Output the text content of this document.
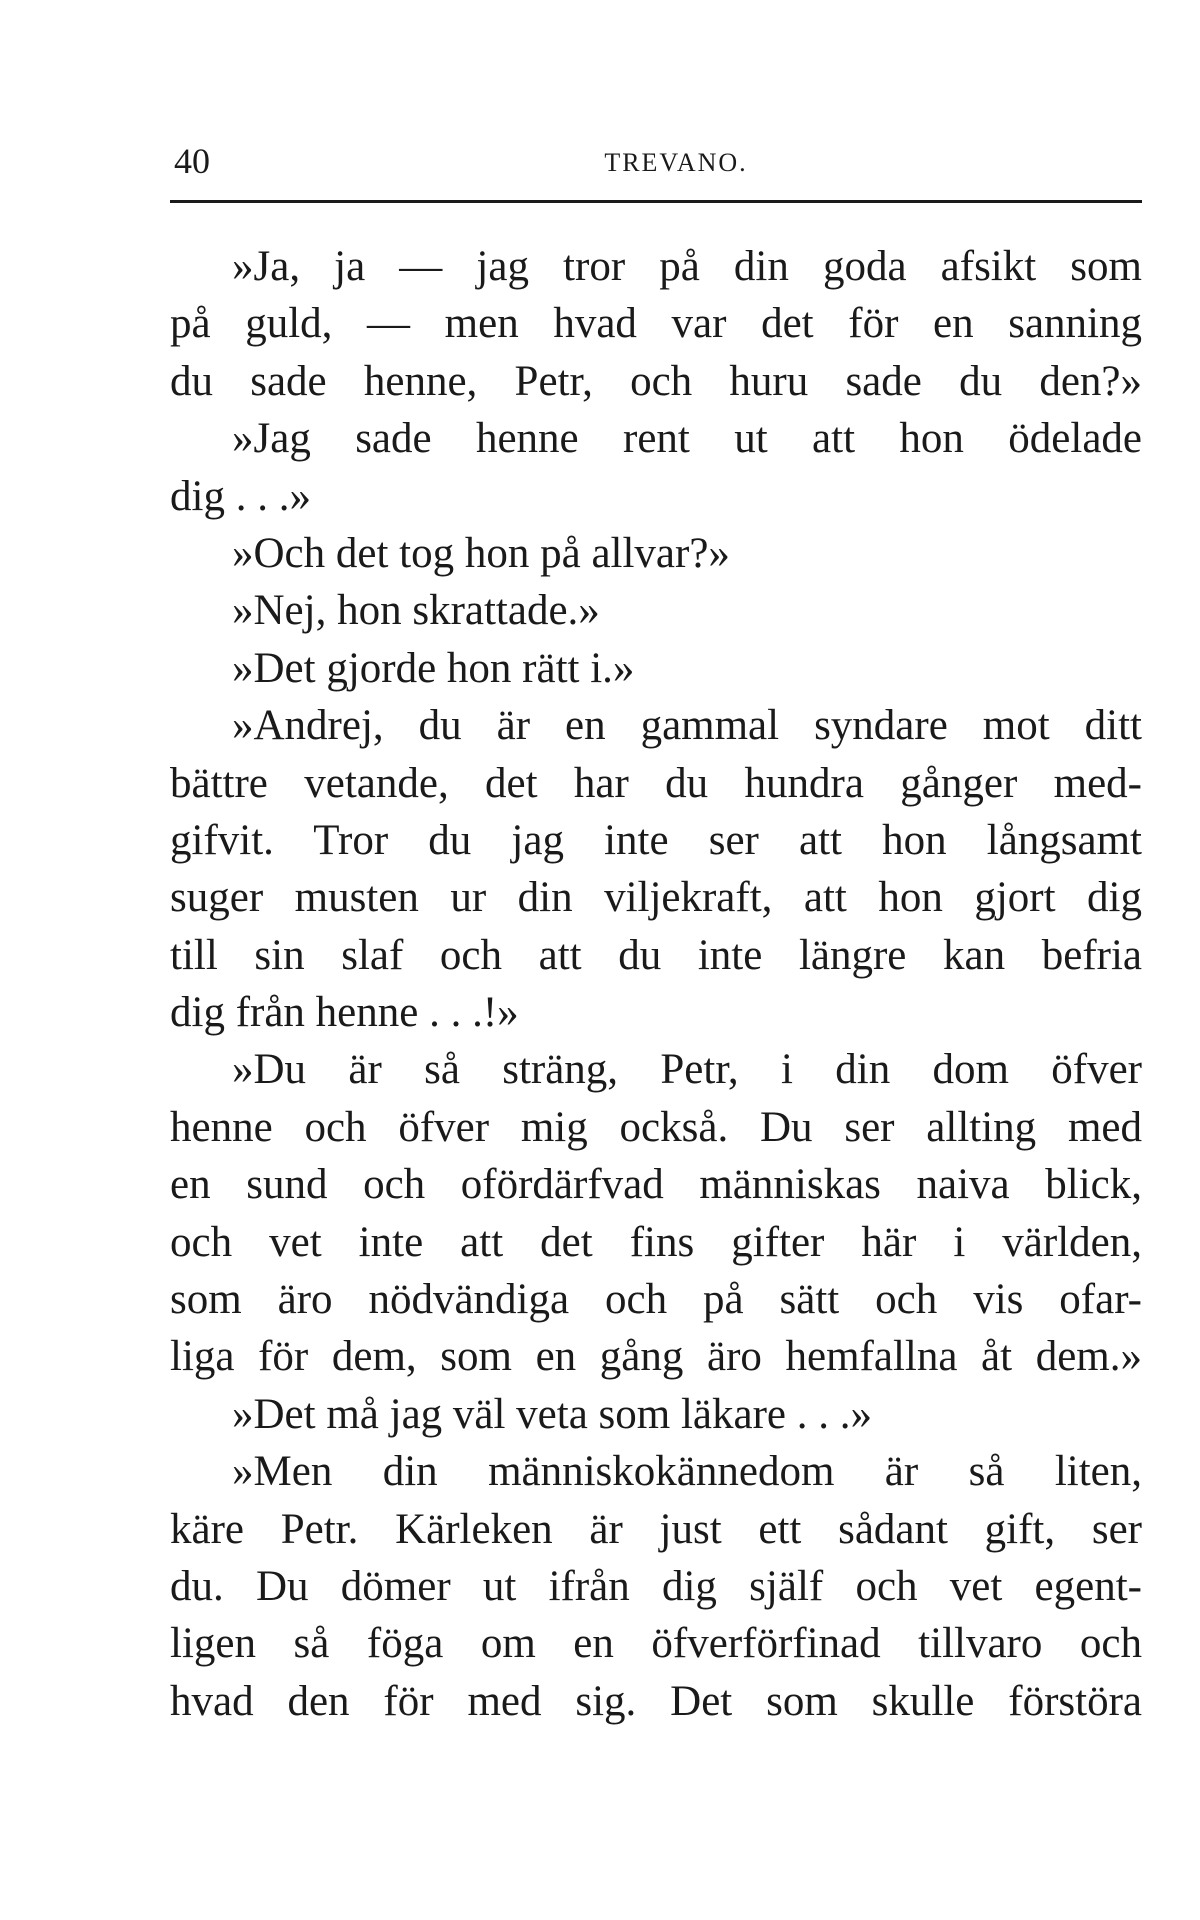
40	TREVANO.
»Ja, ja — jag tror på din goda afsikt som
på guld, — men hvad var det för en sanning
du sade henne, Petr, och huru sade du den?»
»Jag sade henne rent ut att hon ödelade
dig . . .»
»Och det tog hon på allvar?»
»Nej, hon skrattade.»
»Det gjorde hon rätt i.»
»Andrej, du är en gammal syndare mot ditt
bättre vetande, det har du hundra gånger med-
gifvit. Tror du jag inte ser att hon långsamt
suger musten ur din viljekraft, att hon gjort dig
till sin slaf och att du inte längre kan befria
dig från henne . . .!»
»Du är så sträng, Petr, i din dom öfver
henne och öfver mig också. Du ser allting med
en sund och ofördärfvad människas naiva blick,
och vet inte att det fins gifter här i världen,
som äro nödvändiga och på sätt och vis ofar-
liga för dem, som en gång äro hemfallna åt dem.»
»Det må jag väl veta som läkare . . .»
»Men din människokännedom är så liten,
käre Petr. Kärleken är just ett sådant gift, ser
du. Du dömer ut ifrån dig själf och vet egent-
ligen så föga om en öfverförfinad tillvaro och
hvad den för med sig. Det som skulle förstöra
